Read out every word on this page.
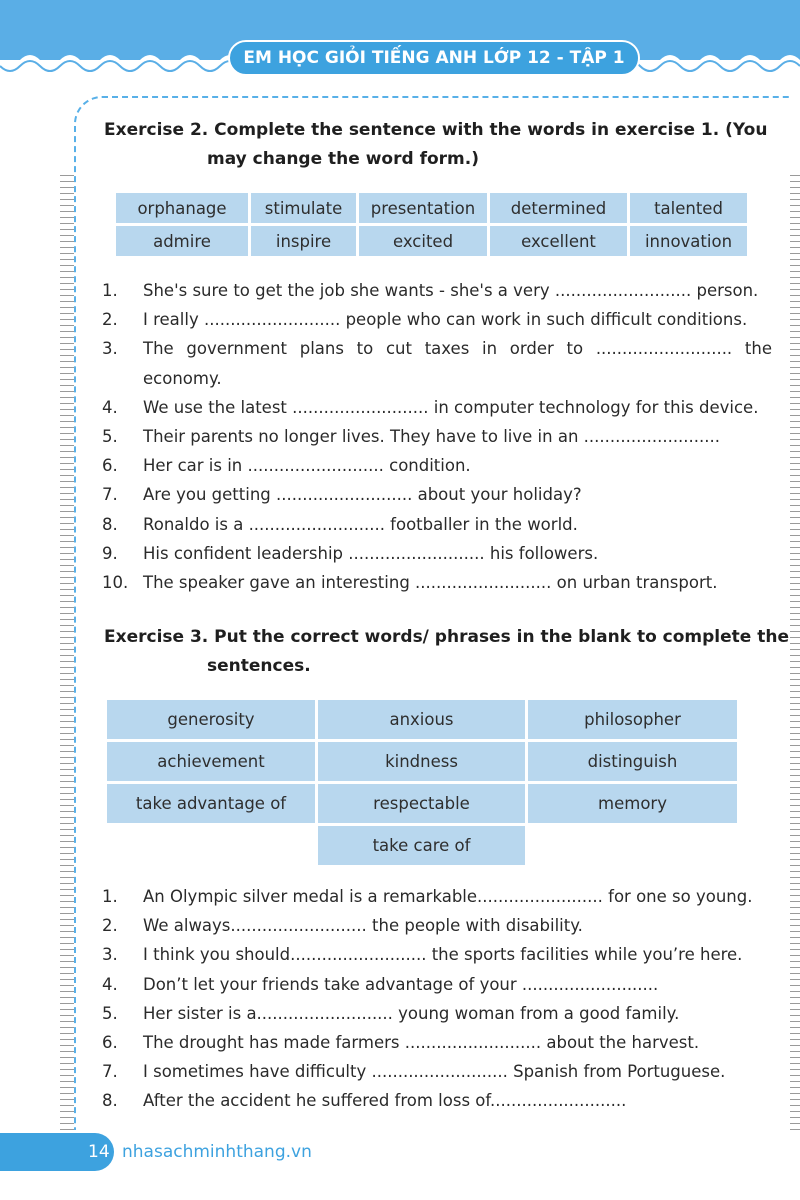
EM HỌC GIỎI TIẾNG ANH LỚP 12 - TẬP 1
Exercise 2. Complete the sentence with the words in exercise 1. (You
may change the word form.)
orphanage	stimulate	presentation	determined	talented
admire	inspire	excited	excellent	innovation
1. She's sure to get the job she wants - she's a very .......................... person.
2. I really .......................... people who can work in such difficult conditions.
3. The government plans to cut taxes in order to .......................... the economy.
4. We use the latest .......................... in computer technology for this device.
5. Their parents no longer lives. They have to live in an ..........................
6. Her car is in .......................... condition.
7. Are you getting .......................... about your holiday?
8. Ronaldo is a .......................... footballer in the world.
9. His confident leadership .......................... his followers.
10. The speaker gave an interesting .......................... on urban transport.
Exercise 3. Put the correct words/ phrases in the blank to complete the
sentences.
generosity	anxious	philosopher
achievement	kindness	distinguish
take advantage of	respectable	memory
	take care of	
1. An Olympic silver medal is a remarkable........................ for one so young.
2. We always.......................... the people with disability.
3. I think you should.......................... the sports facilities while you’re here.
4. Don’t let your friends take advantage of your ..........................
5. Her sister is a.......................... young woman from a good family.
6. The drought has made farmers .......................... about the harvest.
7. I sometimes have difficulty .......................... Spanish from Portuguese.
8. After the accident he suffered from loss of..........................
14 nhasachminhthang.vn
